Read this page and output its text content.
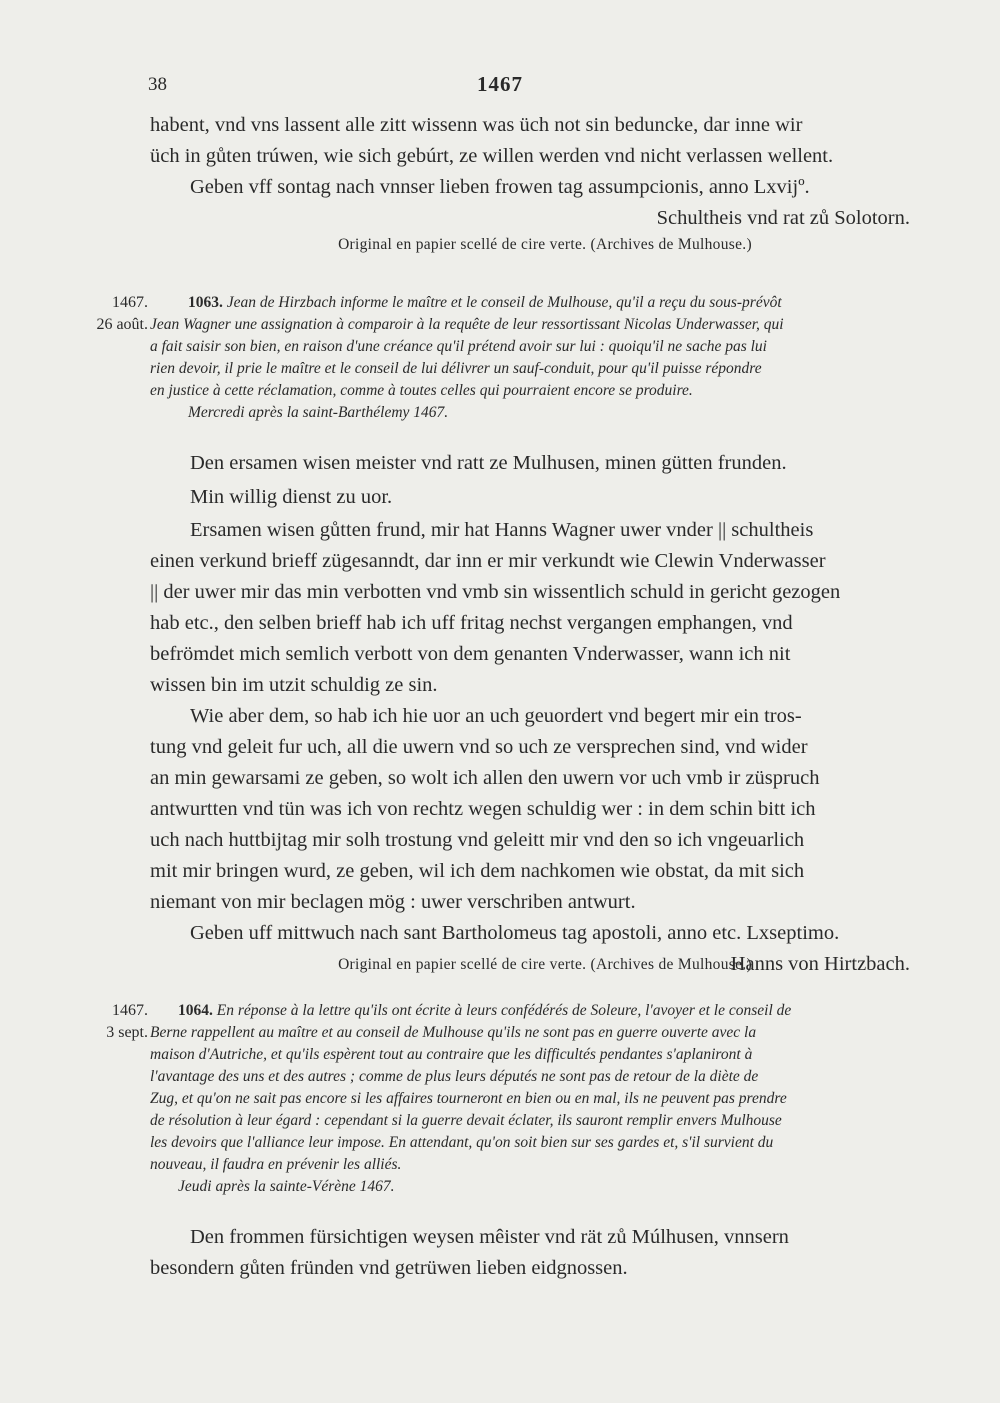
38	1467
habent, vnd vns lassent alle zitt wissenn was üch not sin beduncke, dar inne wir
üch in gůten trúwen, wie sich gebúrt, ze willen werden vnd nicht verlassen wellent.
Geben vff sontag nach vnnser lieben frowen tag assumpcionis, anno Lxvijº.
Schultheis vnd rat zů Solotorn.
Original en papier scellé de cire verte. (Archives de Mulhouse.)
1467.
26 août.
1063. Jean de Hirzbach informe le maître et le conseil de Mulhouse, qu'il a reçu du sous-prévôt
Jean Wagner une assignation à comparoir à la requête de leur ressortissant Nicolas Underwasser, qui
a fait saisir son bien, en raison d'une créance qu'il prétend avoir sur lui : quoiqu'il ne sache pas lui
rien devoir, il prie le maître et le conseil de lui délivrer un sauf-conduit, pour qu'il puisse répondre
en justice à cette réclamation, comme à toutes celles qui pourraient encore se produire.
Mercredi après la saint-Barthélemy 1467.
Den ersamen wisen meister vnd ratt ze Mulhusen, minen gütten frunden.
Min willig dienst zu uor.
Ersamen wisen gůtten frund, mir hat Hanns Wagner uwer vnder || schultheis
einen verkund brieff zügesanndt, dar inn er mir verkundt wie Clewin Vnderwasser
|| der uwer mir das min verbotten vnd vmb sin wissentlich schuld in gericht gezogen
hab etc., den selben brieff hab ich uff fritag nechst vergangen emphangen, vnd
befrömdet mich semlich verbott von dem genanten Vnderwasser, wann ich nit
wissen bin im utzit schuldig ze sin.
Wie aber dem, so hab ich hie uor an uch geuordert vnd begert mir ein tros-
tung vnd geleit fur uch, all die uwern vnd so uch ze versprechen sind, vnd wider
an min gewarsami ze geben, so wolt ich allen den uwern vor uch vmb ir züspruch
antwurtten vnd tün was ich von rechtz wegen schuldig wer : in dem schin bitt ich
uch nach huttbijtag mir solh trostung vnd geleitt mir vnd den so ich vngeuarlich
mit mir bringen wurd, ze geben, wil ich dem nachkomen wie obstat, da mit sich
niemant von mir beclagen mög : uwer verschriben antwurt.
Geben uff mittwuch nach sant Bartholomeus tag apostoli, anno etc. Lxseptimo.
Hanns von Hirtzbach.
Original en papier scellé de cire verte. (Archives de Mulhouse.)
1467.
3 sept.
1064. En réponse à la lettre qu'ils ont écrite à leurs confédérés de Soleure, l'avoyer et le conseil de
Berne rappellent au maître et au conseil de Mulhouse qu'ils ne sont pas en guerre ouverte avec la
maison d'Autriche, et qu'ils espèrent tout au contraire que les difficultés pendantes s'aplaniront à
l'avantage des uns et des autres ; comme de plus leurs députés ne sont pas de retour de la diète de
Zug, et qu'on ne sait pas encore si les affaires tourneront en bien ou en mal, ils ne peuvent pas prendre
de résolution à leur égard : cependant si la guerre devait éclater, ils sauront remplir envers Mulhouse
les devoirs que l'alliance leur impose. En attendant, qu'on soit bien sur ses gardes et, s'il survient du
nouveau, il faudra en prévenir les alliés.
Jeudi après la sainte-Vérène 1467.
Den frommen fürsichtigen weysen mêister vnd rät zů Múlhusen, vnnsern
besondern gůten fründen vnd getrüwen lieben eidgnossen.
